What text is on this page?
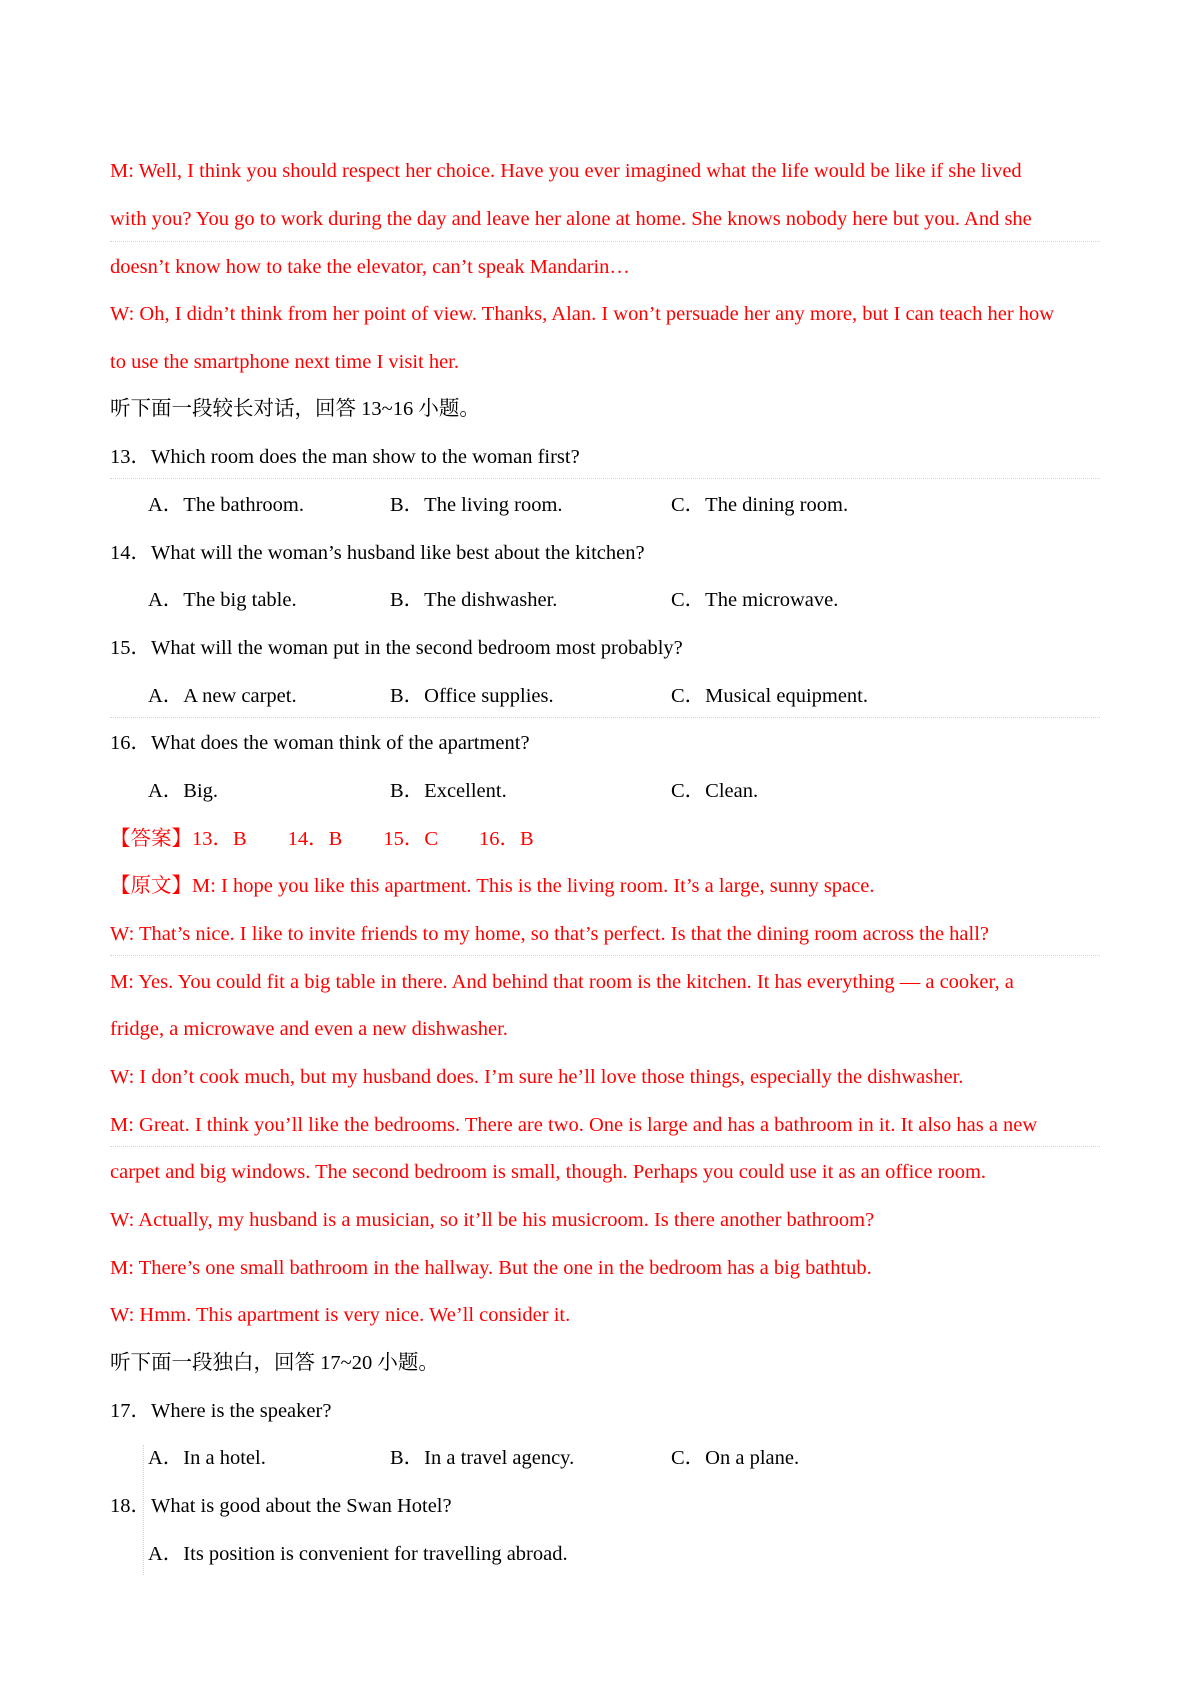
M: Well, I think you should respect her choice. Have you ever imagined what the life would be like if she lived
with you? You go to work during the day and leave her alone at home. She knows nobody here but you. And she
doesn’t know how to take the elevator, can’t speak Mandarin…
W: Oh, I didn’t think from her point of view. Thanks, Alan. I won’t persuade her any more, but I can teach her how
to use the smartphone next time I visit her.
听下面一段较长对话，回答 13~16 小题。
13．Which room does the man show to the woman first?
A．The bathroom.	B．The living room.	C．The dining room.
14．What will the woman’s husband like best about the kitchen?
A．The big table.	B．The dishwasher.	C．The microwave.
15．What will the woman put in the second bedroom most probably?
A．A new carpet.	B．Office supplies.	C．Musical equipment.
16．What does the woman think of the apartment?
A．Big.	B．Excellent.	C．Clean.
【答案】13．B        14．B        15．C        16．B
【原文】M: I hope you like this apartment. This is the living room. It’s a large, sunny space.
W: That’s nice. I like to invite friends to my home, so that’s perfect. Is that the dining room across the hall?
M: Yes. You could fit a big table in there. And behind that room is the kitchen. It has everything — a cooker, a
fridge, a microwave and even a new dishwasher.
W: I don’t cook much, but my husband does. I’m sure he’ll love those things, especially the dishwasher.
M: Great. I think you’ll like the bedrooms. There are two. One is large and has a bathroom in it. It also has a new
carpet and big windows. The second bedroom is small, though. Perhaps you could use it as an office room.
W: Actually, my husband is a musician, so it’ll be his musicroom. Is there another bathroom?
M: There’s one small bathroom in the hallway. But the one in the bedroom has a big bathtub.
W: Hmm. This apartment is very nice. We’ll consider it.
听下面一段独白，回答 17~20 小题。
17．Where is the speaker?
A．In a hotel.	B．In a travel agency.	C．On a plane.
18．What is good about the Swan Hotel?
A．Its position is convenient for travelling abroad.
